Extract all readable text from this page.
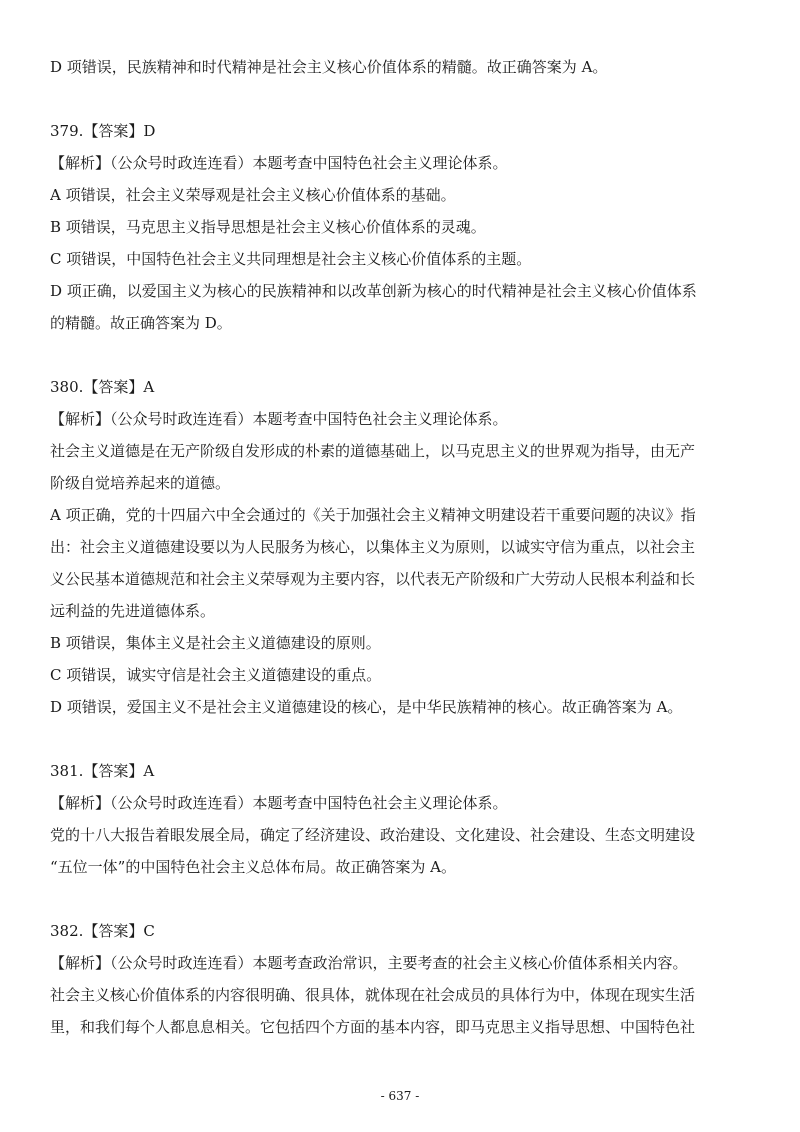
D 项错误，民族精神和时代精神是社会主义核心价值体系的精髓。故正确答案为 A。
379.【答案】D
【解析】（公众号时政连连看）本题考查中国特色社会主义理论体系。
A 项错误，社会主义荣辱观是社会主义核心价值体系的基础。
B 项错误，马克思主义指导思想是社会主义核心价值体系的灵魂。
C 项错误，中国特色社会主义共同理想是社会主义核心价值体系的主题。
D 项正确，以爱国主义为核心的民族精神和以改革创新为核心的时代精神是社会主义核心价值体系
的精髓。故正确答案为 D。
380.【答案】A
【解析】（公众号时政连连看）本题考查中国特色社会主义理论体系。
社会主义道德是在无产阶级自发形成的朴素的道德基础上，以马克思主义的世界观为指导，由无产
阶级自觉培养起来的道德。
A 项正确，党的十四届六中全会通过的《关于加强社会主义精神文明建设若干重要问题的决议》指
出：社会主义道德建设要以为人民服务为核心，以集体主义为原则，以诚实守信为重点，以社会主
义公民基本道德规范和社会主义荣辱观为主要内容，以代表无产阶级和广大劳动人民根本利益和长
远利益的先进道德体系。
B 项错误，集体主义是社会主义道德建设的原则。
C 项错误，诚实守信是社会主义道德建设的重点。
D 项错误，爱国主义不是社会主义道德建设的核心，是中华民族精神的核心。故正确答案为 A。
381.【答案】A
【解析】（公众号时政连连看）本题考查中国特色社会主义理论体系。
党的十八大报告着眼发展全局，确定了经济建设、政治建设、文化建设、社会建设、生态文明建设
“五位一体”的中国特色社会主义总体布局。故正确答案为 A。
382.【答案】C
【解析】（公众号时政连连看）本题考查政治常识，主要考查的社会主义核心价值体系相关内容。
社会主义核心价值体系的内容很明确、很具体，就体现在社会成员的具体行为中，体现在现实生活
里，和我们每个人都息息相关。它包括四个方面的基本内容，即马克思主义指导思想、中国特色社
- 637 -
